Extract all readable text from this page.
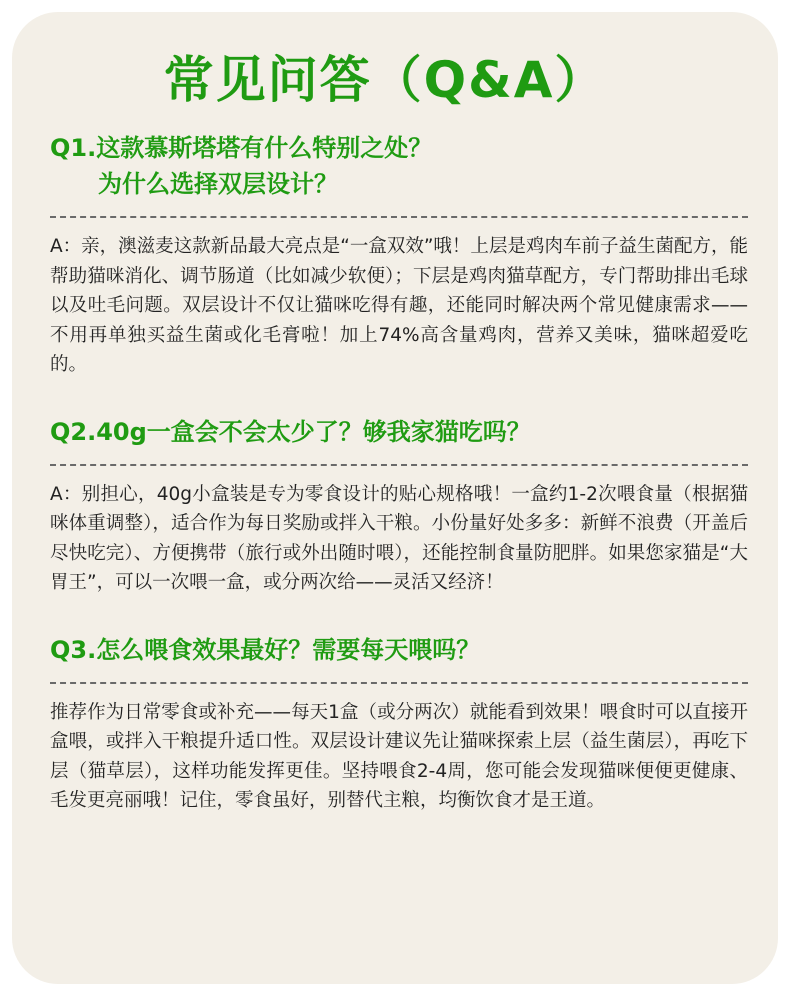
常见问答（Q&A）

Q1.这款慕斯塔塔有什么特别之处？

为什么选择双层设计？

A：亲，澳滋麦这款新品最大亮点是“一盒双效”哦！上层是鸡肉车前子益生菌配方，能帮助猫咪消化、调节肠道（比如减少软便）；下层是鸡肉猫草配方，专门帮助排出毛球以及吐毛问题。双层设计不仅让猫咪吃得有趣，还能同时解决两个常见健康需求——不用再单独买益生菌或化毛膏啦！加上74%高含量鸡肉，营养又美味，猫咪超爱吃的。

Q2.40g一盒会不会太少了？够我家猫吃吗？

A：别担心，40g小盒装是专为零食设计的贴心规格哦！一盒约1-2次喂食量（根据猫咪体重调整），适合作为每日奖励或拌入干粮。小份量好处多多：新鲜不浪费（开盖后尽快吃完）、方便携带（旅行或外出随时喂），还能控制食量防肥胖。如果您家猫是“大胃王”，可以一次喂一盒，或分两次给——灵活又经济！

Q3.怎么喂食效果最好？需要每天喂吗？

推荐作为日常零食或补充——每天1盒（或分两次）就能看到效果！喂食时可以直接开盒喂，或拌入干粮提升适口性。双层设计建议先让猫咪探索上层（益生菌层），再吃下层（猫草层），这样功能发挥更佳。坚持喂食2-4周，您可能会发现猫咪便便更健康、毛发更亮丽哦！记住，零食虽好，别替代主粮，均衡饮食才是王道。
